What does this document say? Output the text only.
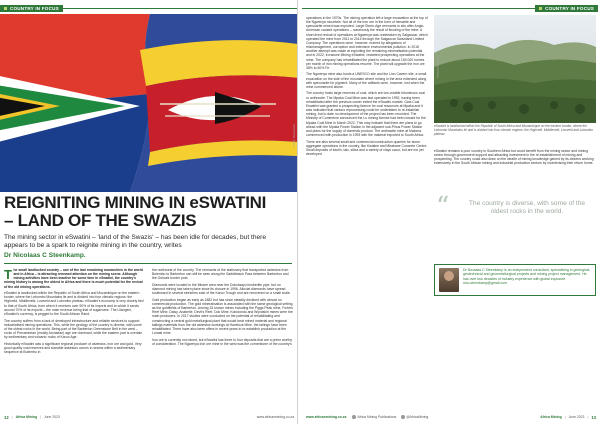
COUNTRY IN FOCUS
Credit: Shutterstock
REIGNITING MINING IN eSWATINI
– LAND OF THE SWAZIS
The mining sector in eSwatini – 'land of the Swazis' – has been idle for decades, but there appears to be a spark to reignite mining in the country, writes
Dr Nicolaas C Steenkamp.

The small landlocked country – one of the last remaining monarchies in the world and in Africa – is attracting renewed attention on the mining scene. Although mining activities have been inactive for some time in eSwatini, the country's mining history is among the oldest in Africa and there is much potential for the revival of the old mining operations.

eSwatini is landlocked within the Republic of South Africa and Mozambique on the eastern border, where the Lebombo Mountains lie and is divided into four climatic regions: the Highveld, Middleveld, Lowveld and Lubombo plateau. eSwatini's economy is very closely tied to that of South Africa, from which it receives over 90% of its imports and to which it sends around 70% of its exports – the main revenue being that of sugarcane. The Lilangeni, eSwatini's currency, is pegged to the South African Rand.

The country suffers from a lack of developed infrastructure and reliable services to support industrialised mining operations. This, while the geology of the country is diverse, with some of the oldest rocks in the world. Being part of the Barberton Greenstone Belt in the west – rocks of Precambrian (mostly Archaean) age are dominant, while the eastern part is overlain by sedimentary and volcanic rocks of Karoo Age.

Historically eSwatini was a significant regional producer of asbestos, iron ore and gold. Very good quality coal reserves and sizeable asbestos occurs in seams within a sedimentary sequence at Bulembu in

the northwest of the country. The remnants of the stationary that transported asbestos from Bulembu to Barberton can still be seen along the Saddleback Pass between Barberton and the Oshoek border post.

Diamonds were located in the Mbane area near the Dokolwayo kimberlite pipe, but no diamond mining has taken place since its closure in 1996. Alluvial diamonds have spread southward in several stretches east of the Karoo Trough and are recovered on a small scale.

Gold production began as early as 1882 but has since steadily declined with almost no commercial production. The gold mineralisation is associated with the same geological setting as the goldfields of Barberton. Among 33 known mines including the Piggs Peak mine, Forbes Reef Mine, Daisy, Anabelle, Devil's Reef, Dok Mine, Kobolondo and Wyndskin mines were the main producers. In 2017 studies were conducted on the potential of rehabilitating and constructing a central gold metallurgical plant that would treat mined material and regional tailings materials from the old asbestos workings at Havelock Mine, the tailings have been rehabilitated. There have also been offers in recent years to re-establish production at the Lomati mine.

Iron ore is currently not mined, but eSwatini has three to four deposits that are a prime worthy of consideration. The Ngwenya iron ore mine in the west was the cornerstone of the country's

12 | Africa Mining | June 2023	www.africanmining.co.za
COUNTRY IN FOCUS

operations in the 1970s. The mining operation left a large excavation at the top of the Ngwenya mountain. Not all of the iron ore in the form of hematite and specularite mined was exported. Large Stone-Age remnants in situ after Anglo-American caused operations – notoriously the result of flooding of the mine. A short-lived revival of operations at Ngwenya was undertaken by Salgaocar, which operated the mine from 2011 to 2014 through the Salgaocar Swaziland Limited Company. The operations were, however, marred by allegations of mismanagement, corruption and extensive environmental pollution. In 2018 another attempt was made at exploiting the remaining mineralisation potential and in 2022, Ironstone Mining eSwatini, restarted prospecting operations at the mine. The company has rehabilitated the plant to reduce about 150 000 tonnes per month of iron mining operations resume. The plant will upgrade the iron ore 48% to 60% Fe.

The Ngwenya mine also hosts a UNESCO site and the Lion Cavern site, a small excavation on the side of the mountain where mining in the area extended along with specularite for pigment. Many of the artifacts were, however, lost when the mine commenced above.

The country hosts large reserves of coal, which are low-volatile bituminous coal or anthracite. The Mpaka Coal Mine was last operated in 1992, having been rehabilitated after the previous owner exited the eSwatini market. Gwa Coal Eswatini was granted a prospecting licence for coal resources at Mpaka and it was indicated that various reprocessing could be undertaken to re-establish mining, but to date no development of the project has been recorded. The Ministry of Commerce announced the Lu mining license had been issued for the Mpaka Coal Mine in March 2022. This may indicate that there are plans to go ahead with the Mpaka Power Station in the adjacent sub-Pinus Power Station and plans for the supply of domestic product. The anthracite mine at Maloma commenced with production in 1993 with the material exported to South Africa.

There are also several small and commercial construction quarries for stone aggregate operations in the country, like Kwaliee and Mbabane Concrete Centre. Small deposits of kaolin, talc, silica and a variety of clays occur, but are not yet developed.

Credit: Shutterstock
eSwatini is landlocked within the Republic of South Africa and Mozambique on the eastern border, where the Lebombo Mountains lie and is divided into four climatic regions: the Highveld, Middleveld, Lowveld and Lubombo plateau.

eSwatini remains a poor country in Southern Africa but could benefit from the mining sector and mining sector through government support and attracting investment in the re-establishment of mining and prospecting. The country could also draw on the wealth of mining knowledge gained by its citizens working extensively in the South African mining and industrial production sectors by incentivising their return home.

“	The country is diverse, with some of the oldest rocks in the world.
Dr Nicolaas C Steenkamp is an independent consultant, specialising in geological, geotechnical and geometallurgical projects and mining project management. He has over two decades of industry experience with global exposure. nico.steenkamp@gmail.com
www.africanmining.co.za	Africa Mining Publications	@AfricaMining	Africa Mining | June 2023 | 13
